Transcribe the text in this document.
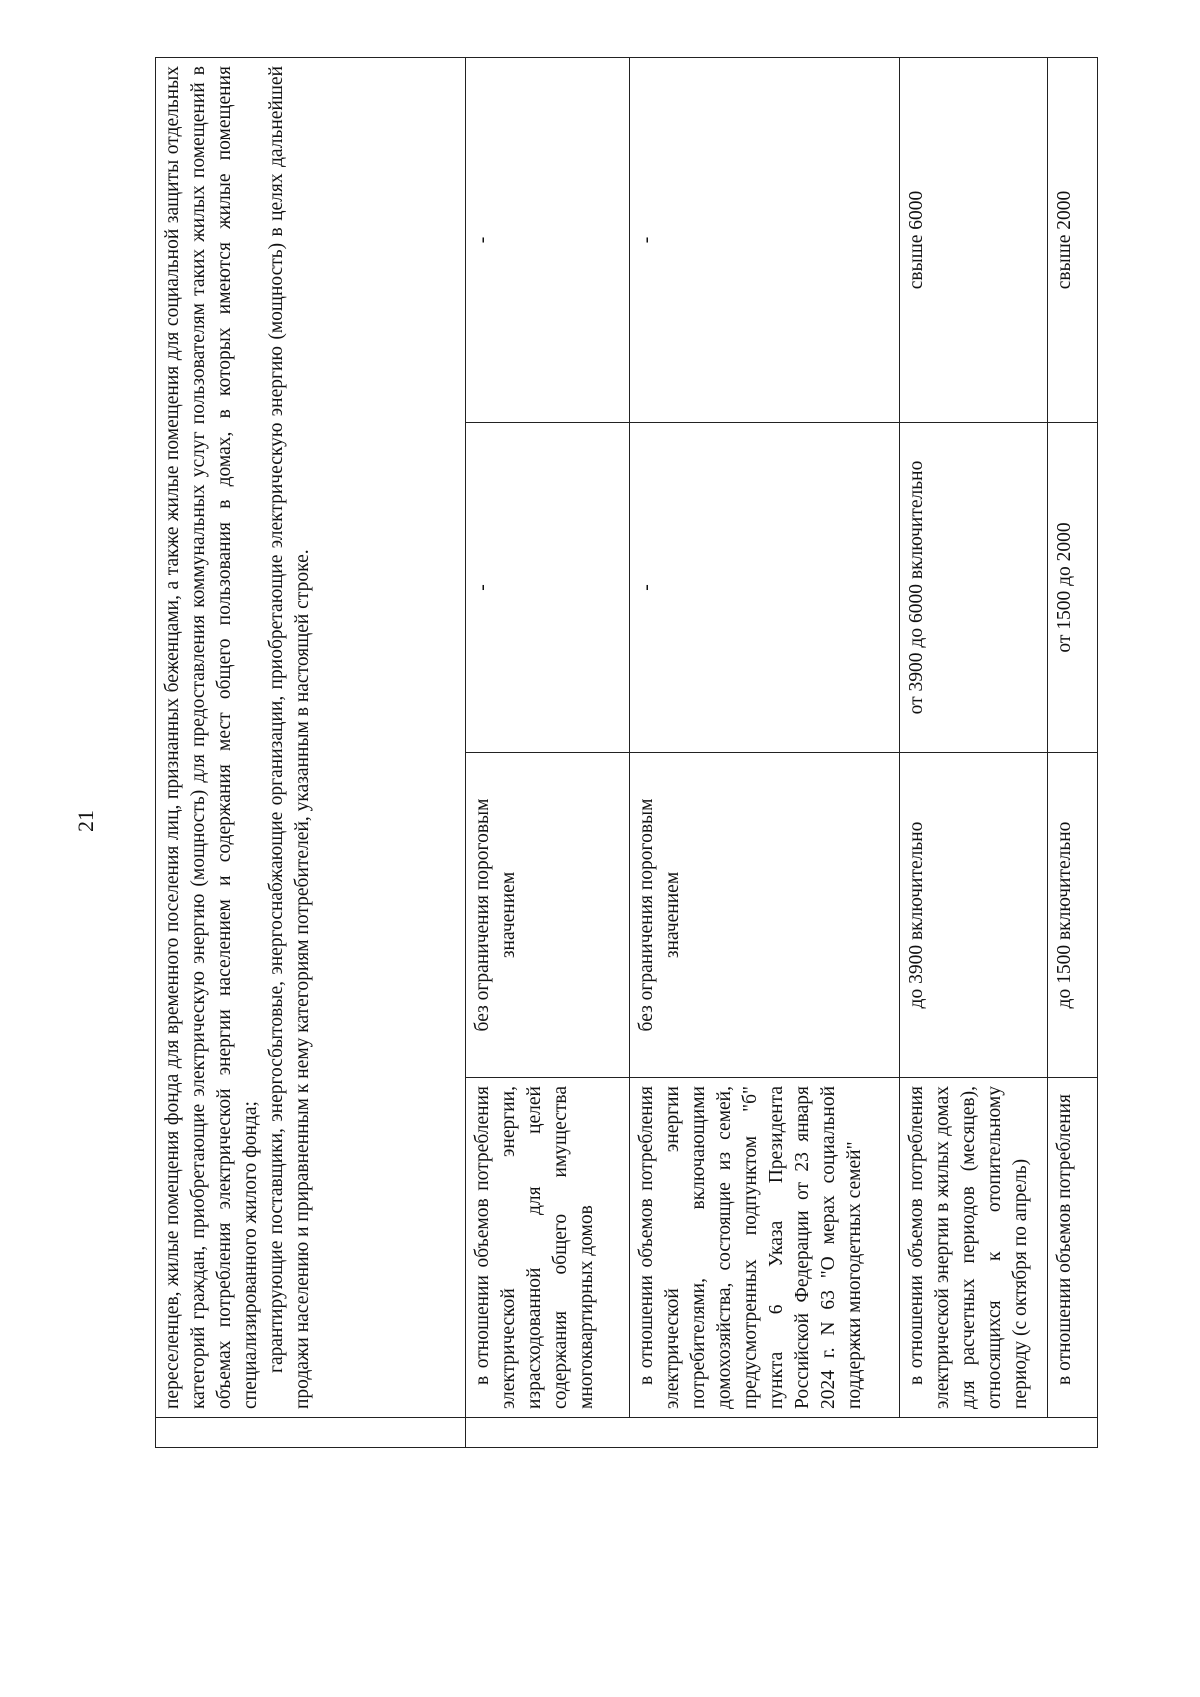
21

	переселенцев, жилые помещения фонда для временного поселения лиц, признанных беженцами, а также жилые помещения для социальной защиты отдельных категорий граждан, приобретающие электрическую энергию (мощность) для предоставления коммунальных услуг пользователям таких жилых помещений в объемах потребления электрической энергии населением и содержания мест общего пользования в домах, в которых имеются жилые помещения специализированного жилого фонда; гарантирующие поставщики, энергосбытовые, энергоснабжающие организации, приобретающие электрическую энергию (мощность) в целях дальнейшей продажи населению и приравненным к нему категориям потребителей, указанным в настоящей строке.			

	в отношении объемов потребления электрической энергии, израсходованной для целей содержания общего имущества многоквартирных домов	без ограничения пороговым значением	-	-
	в отношении объемов потребления электрической энергии потребителями, включающими домохозяйства, состоящие из семей, предусмотренных подпунктом "б" пункта 6 Указа Президента Российской Федерации от 23 января 2024 г. N 63 "О мерах социальной поддержки многодетных семей"	без ограничения пороговым значением	-	-
	в отношении объемов потребления электрической энергии в жилых домах для расчетных периодов (месяцев), относящихся к отопительному периоду (с октября по апрель)	до 3900 включительно	от 3900 до 6000 включительно	свыше 6000
	в отношении объемов потребления	до 1500 включительно	от 1500 до 2000	свыше 2000
